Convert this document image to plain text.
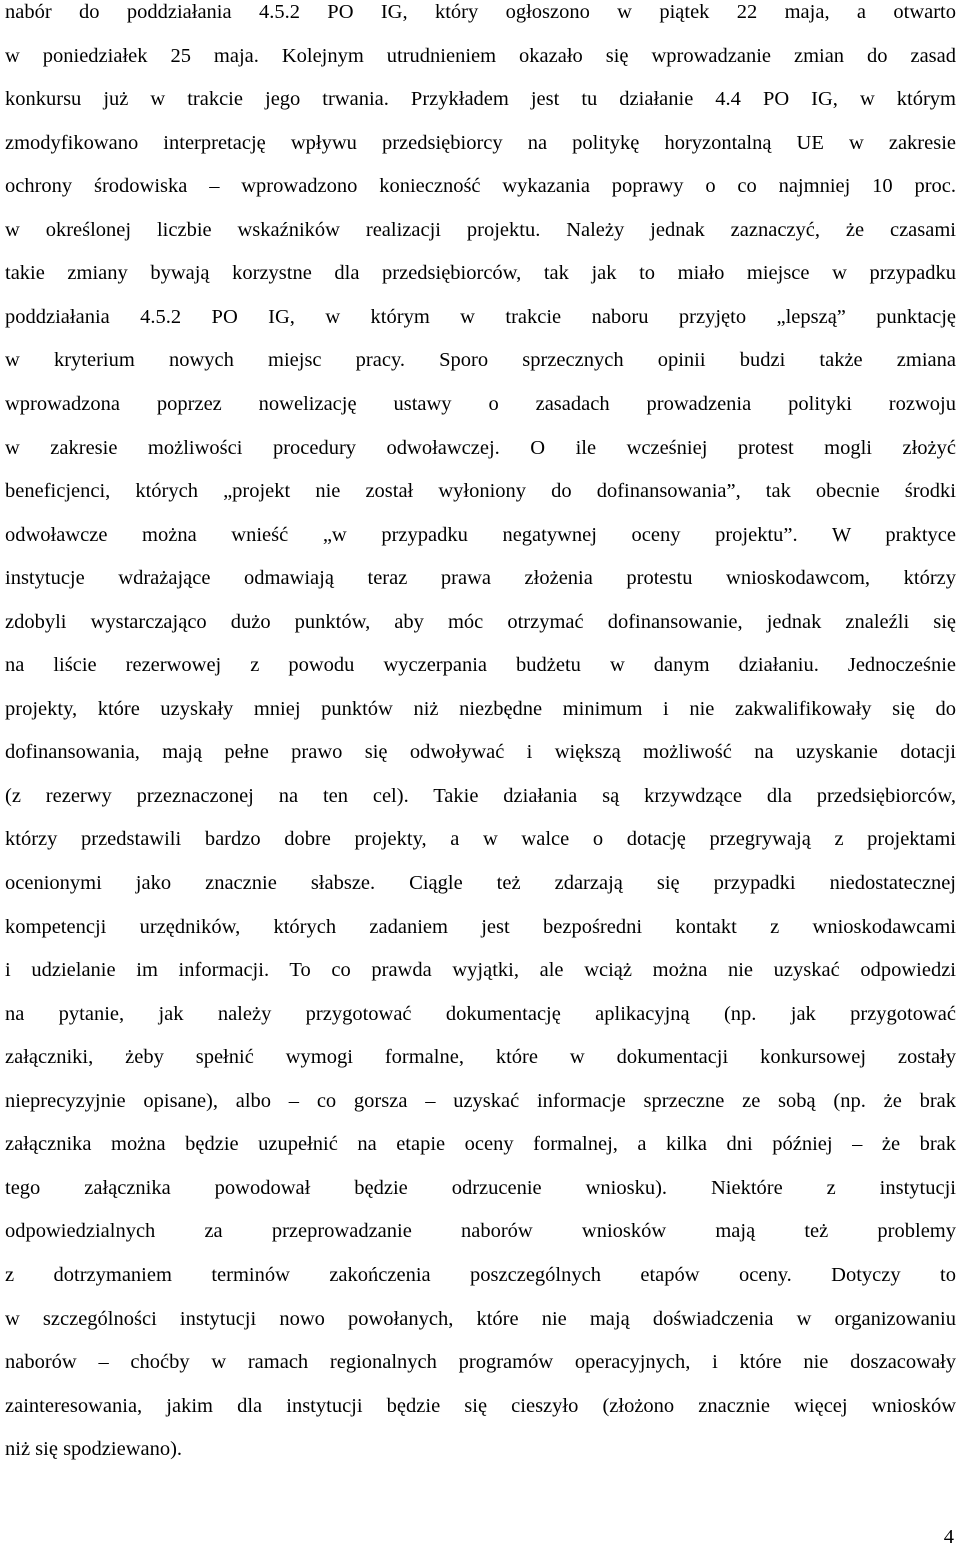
nabór do poddziałania 4.5.2 PO IG, który ogłoszono w piątek 22 maja, a otwarto
w poniedziałek 25 maja. Kolejnym utrudnieniem okazało się wprowadzanie zmian do zasad
konkursu już w trakcie jego trwania. Przykładem jest tu działanie 4.4 PO IG, w którym
zmodyfikowano interpretację wpływu przedsiębiorcy na politykę horyzontalną UE w zakresie
ochrony środowiska – wprowadzono konieczność wykazania poprawy o co najmniej 10 proc.
w określonej liczbie wskaźników realizacji projektu. Należy jednak zaznaczyć, że czasami
takie zmiany bywają korzystne dla przedsiębiorców, tak jak to miało miejsce w przypadku
poddziałania 4.5.2 PO IG, w którym w trakcie naboru przyjęto „lepszą” punktację
w kryterium nowych miejsc pracy. Sporo sprzecznych opinii budzi także zmiana
wprowadzona poprzez nowelizację ustawy o zasadach prowadzenia polityki rozwoju
w zakresie możliwości procedury odwoławczej. O ile wcześniej protest mogli złożyć
beneficjenci, których „projekt nie został wyłoniony do dofinansowania”, tak obecnie środki
odwoławcze można wnieść „w przypadku negatywnej oceny projektu”. W praktyce
instytucje wdrażające odmawiają teraz prawa złożenia protestu wnioskodawcom, którzy
zdobyli wystarczająco dużo punktów, aby móc otrzymać dofinansowanie, jednak znaleźli się
na liście rezerwowej z powodu wyczerpania budżetu w danym działaniu. Jednocześnie
projekty, które uzyskały mniej punktów niż niezbędne minimum i nie zakwalifikowały się do
dofinansowania, mają pełne prawo się odwoływać i większą możliwość na uzyskanie dotacji
(z rezerwy przeznaczonej na ten cel). Takie działania są krzywdzące dla przedsiębiorców,
którzy przedstawili bardzo dobre projekty, a w walce o dotację przegrywają z projektami
ocenionymi jako znacznie słabsze. Ciągle też zdarzają się przypadki niedostatecznej
kompetencji urzędników, których zadaniem jest bezpośredni kontakt z wnioskodawcami
i udzielanie im informacji. To co prawda wyjątki, ale wciąż można nie uzyskać odpowiedzi
na pytanie, jak należy przygotować dokumentację aplikacyjną (np. jak przygotować
załączniki, żeby spełnić wymogi formalne, które w dokumentacji konkursowej zostały
nieprecyzyjnie opisane), albo – co gorsza – uzyskać informacje sprzeczne ze sobą (np. że brak
załącznika można będzie uzupełnić na etapie oceny formalnej, a kilka dni później – że brak
tego załącznika powodował będzie odrzucenie wniosku). Niektóre z instytucji
odpowiedzialnych za przeprowadzanie naborów wniosków mają też problemy
z dotrzymaniem terminów zakończenia poszczególnych etapów oceny. Dotyczy to
w szczególności instytucji nowo powołanych, które nie mają doświadczenia w organizowaniu
naborów – choćby w ramach regionalnych programów operacyjnych, i które nie doszacowały
zainteresowania, jakim dla instytucji będzie się cieszyło (złożono znacznie więcej wniosków
niż się spodziewano).
4
